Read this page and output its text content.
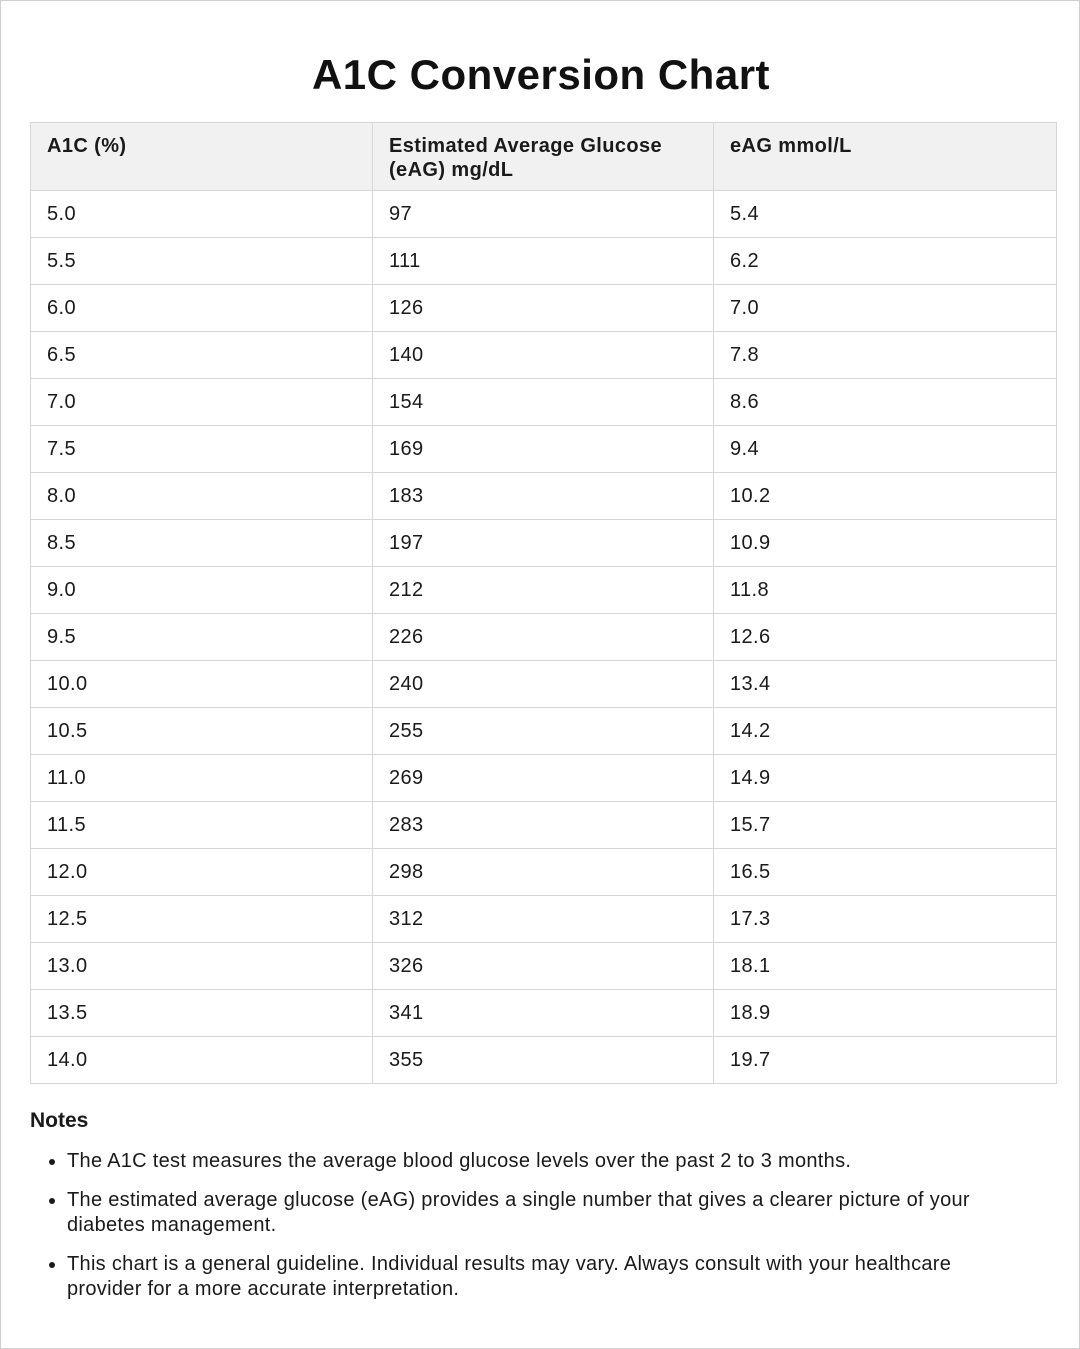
A1C Conversion Chart
A1C (%)	Estimated Average Glucose (eAG) mg/dL	eAG mmol/L
5.0	97	5.4
5.5	111	6.2
6.0	126	7.0
6.5	140	7.8
7.0	154	8.6
7.5	169	9.4
8.0	183	10.2
8.5	197	10.9
9.0	212	11.8
9.5	226	12.6
10.0	240	13.4
10.5	255	14.2
11.0	269	14.9
11.5	283	15.7
12.0	298	16.5
12.5	312	17.3
13.0	326	18.1
13.5	341	18.9
14.0	355	19.7
Notes
• The A1C test measures the average blood glucose levels over the past 2 to 3 months.
• The estimated average glucose (eAG) provides a single number that gives a clearer picture of your diabetes management.
• This chart is a general guideline. Individual results may vary. Always consult with your healthcare provider for a more accurate interpretation.
